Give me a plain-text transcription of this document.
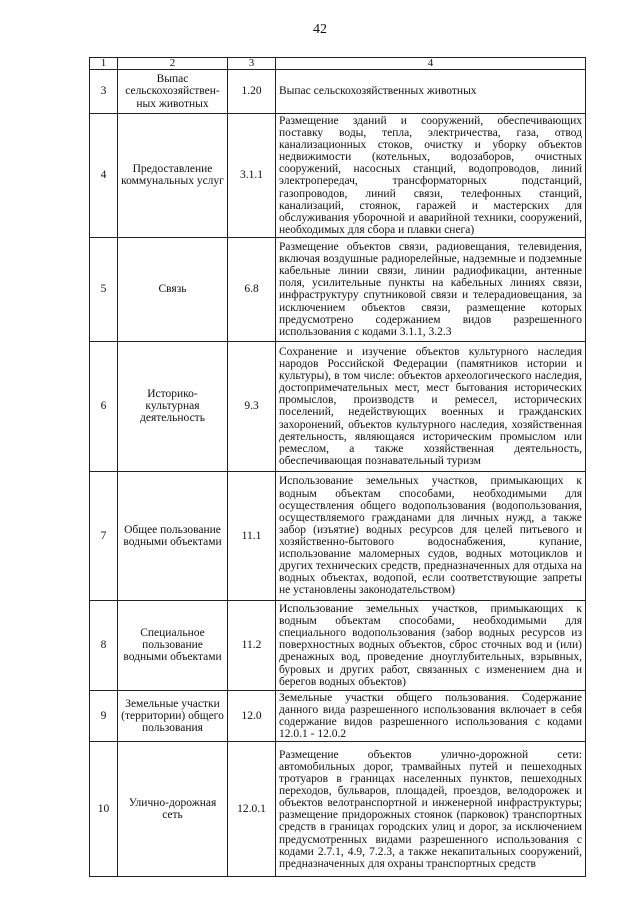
42
1	2	3	4
3	Выпас сельскохозяйствен-ных животных	1.20	Выпас сельскохозяйственных животных
4	Предоставление коммунальных услуг	3.1.1	Размещение зданий и сооружений, обеспечивающих поставку воды, тепла, электричества, газа, отвод канализационных стоков, очистку и уборку объектов недвижимости (котельных, водозаборов, очистных сооружений, насосных станций, водопроводов, линий электропередач, трансформаторных подстанций, газопроводов, линий связи, телефонных станций, канализаций, стоянок, гаражей и мастерских для обслуживания уборочной и аварийной техники, сооружений, необходимых для сбора и плавки снега)
5	Связь	6.8	Размещение объектов связи, радиовещания, телевидения, включая воздушные радиорелейные, надземные и подземные кабельные линии связи, линии радиофикации, антенные поля, усилительные пункты на кабельных линиях связи, инфраструктуру спутниковой связи и телерадиовещания, за исключением объектов связи, размещение которых предусмотрено содержанием видов разрешенного использования с кодами 3.1.1, 3.2.3
6	Историко-культурная деятельность	9.3	Сохранение и изучение объектов культурного наследия народов Российской Федерации (памятников истории и культуры), в том числе: объектов археологического наследия, достопримечательных мест, мест бытования исторических промыслов, производств и ремесел, исторических поселений, недействующих военных и гражданских захоронений, объектов культурного наследия, хозяйственная деятельность, являющаяся историческим промыслом или ремеслом, а также хозяйственная деятельность, обеспечивающая познавательный туризм
7	Общее пользование водными объектами	11.1	Использование земельных участков, примыкающих к водным объектам способами, необходимыми для осуществления общего водопользования (водопользования, осуществляемого гражданами для личных нужд, а также забор (изъятие) водных ресурсов для целей питьевого и хозяйственно-бытового водоснабжения, купание, использование маломерных судов, водных мотоциклов и других технических средств, предназначенных для отдыха на водных объектах, водопой, если соответствующие запреты не установлены законодательством)
8	Специальное пользование водными объектами	11.2	Использование земельных участков, примыкающих к водным объектам способами, необходимыми для специального водопользования (забор водных ресурсов из поверхностных водных объектов, сброс сточных вод и (или) дренажных вод, проведение дноуглубительных, взрывных, буровых и других работ, связанных с изменением дна и берегов водных объектов)
9	Земельные участки (территории) общего пользования	12.0	Земельные участки общего пользования. Содержание данного вида разрешенного использования включает в себя содержание видов разрешенного использования с кодами 12.0.1 - 12.0.2
10	Улично-дорожная сеть	12.0.1	Размещение объектов улично-дорожной сети: автомобильных дорог, трамвайных путей и пешеходных тротуаров в границах населенных пунктов, пешеходных переходов, бульваров, площадей, проездов, велодорожек и объектов велотранспортной и инженерной инфраструктуры; размещение придорожных стоянок (парковок) транспортных средств в границах городских улиц и дорог, за исключением предусмотренных видами разрешенного использования с кодами 2.7.1, 4.9, 7.2.3, а также некапитальных сооружений, предназначенных для охраны транспортных средств
